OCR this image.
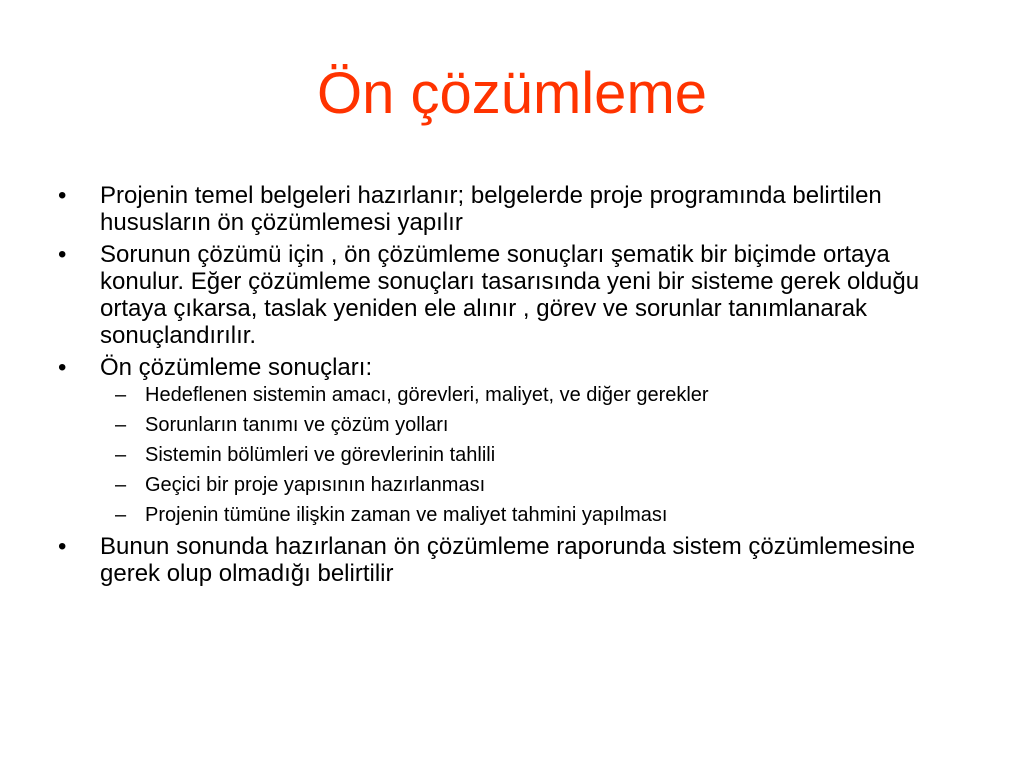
Ön çözümleme
• Projenin temel belgeleri hazırlanır; belgelerde proje programında belirtilen hususların ön çözümlemesi yapılır
• Sorunun çözümü için , ön çözümleme sonuçları şematik bir biçimde ortaya konulur. Eğer çözümleme sonuçları tasarısında yeni bir sisteme gerek olduğu ortaya çıkarsa, taslak yeniden ele alınır , görev ve sorunlar tanımlanarak sonuçlandırılır.
• Ön çözümleme sonuçları:
– Hedeflenen sistemin amacı, görevleri, maliyet, ve diğer gerekler
– Sorunların tanımı ve çözüm yolları
– Sistemin bölümleri ve görevlerinin tahlili
– Geçici bir proje yapısının hazırlanması
– Projenin tümüne ilişkin zaman ve maliyet tahmini yapılması
• Bunun sonunda hazırlanan ön çözümleme raporunda sistem çözümlemesine gerek olup olmadığı belirtilir
